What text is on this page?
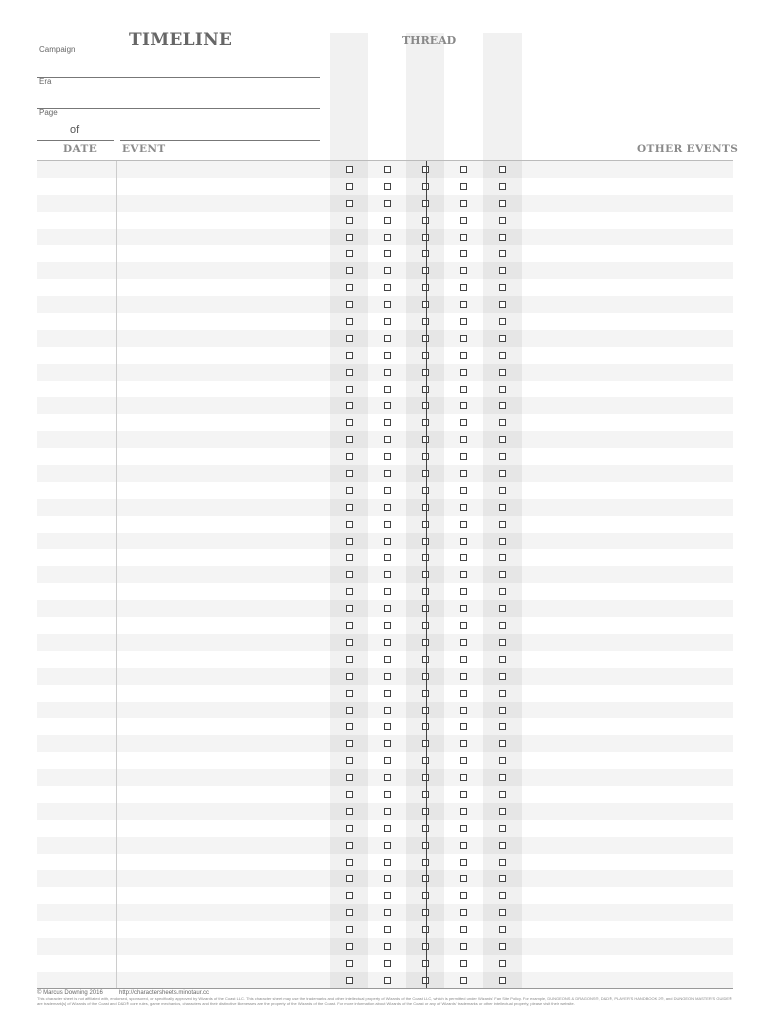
TIMELINE	THREAD
Campaign
Era
Page
of
DATE EVENT	OTHER EVENTS
© Marcus Downing 2016	http://charactersheets.minotaur.cc
This character sheet is not affiliated with, endorsed, sponsored, or specifically approved by Wizards of the Coast LLC. This character sheet may use the trademarks and other intellectual property of Wizards of the Coast LLC, which is permitted under Wizards' Fan Site Policy. For example, DUNGEONS & DRAGONS®, D&D®, PLAYER'S HANDBOOK 2®, and DUNGEON MASTER'S GUIDE® are trademark[s] of Wizards of the Coast and D&D® core rules, game mechanics, characters and their distinctive likenesses are the property of the Wizards of the Coast. For more information about Wizards of the Coast or any of Wizards' trademarks or other intellectual property, please visit their website.
